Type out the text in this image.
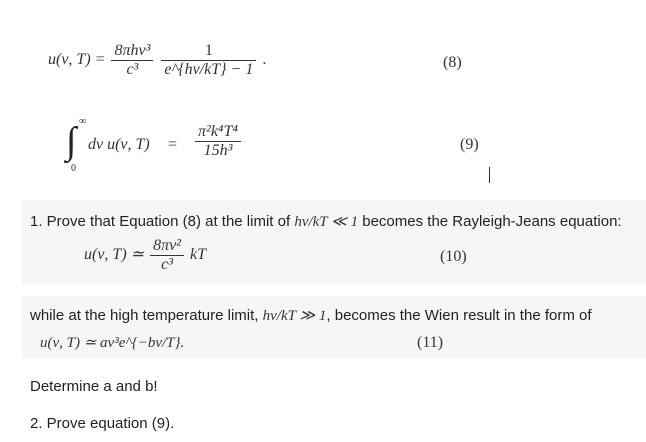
u(ν, $T) = \frac{\text{8πhν³}}{\text{c³}}$
$\frac{1}{e\^{}\{h\nu/kT\} - 1}$ .	(8)
∞
∫
0
dν u(ν, $T) = \frac{\text{π²k⁴T⁴}}{\text{15h³}}$	(9)
1. Prove that Equation (8) at the limit of hν/kT ≪ 1 becomes the Rayleigh-Jeans equation:
u(ν, T) ≃ $\frac{\text{8πν²}}{\text{c³}}$ kT	(10)
while at the high temperature limit, hν/kT ≫ 1, becomes the Wien result in the form of
u(ν, T) ≃ aν³e^{−bν/T}.	(11)
Determine a and b!
2. Prove equation (9).
